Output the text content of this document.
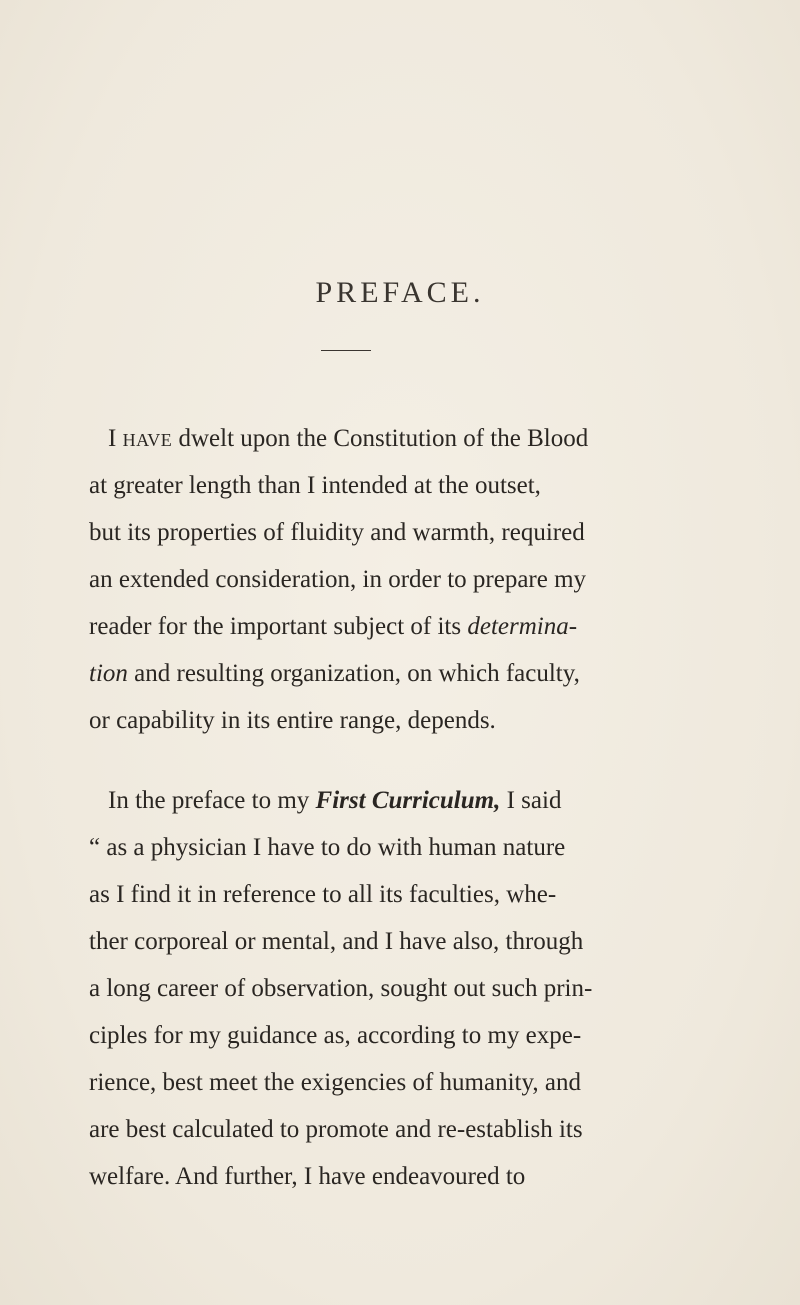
PREFACE.
I have dwelt upon the Constitution of the Blood
at greater length than I intended at the outset,
but its properties of fluidity and warmth, required
an extended consideration, in order to prepare my
reader for the important subject of its determina-
tion and resulting organization, on which faculty,
or capability in its entire range, depends.
In the preface to my First Curriculum, I said
“ as a physician I have to do with human nature
as I find it in reference to all its faculties, whe-
ther corporeal or mental, and I have also, through
a long career of observation, sought out such prin-
ciples for my guidance as, according to my expe-
rience, best meet the exigencies of humanity, and
are best calculated to promote and re-establish its
welfare. And further, I have endeavoured to
